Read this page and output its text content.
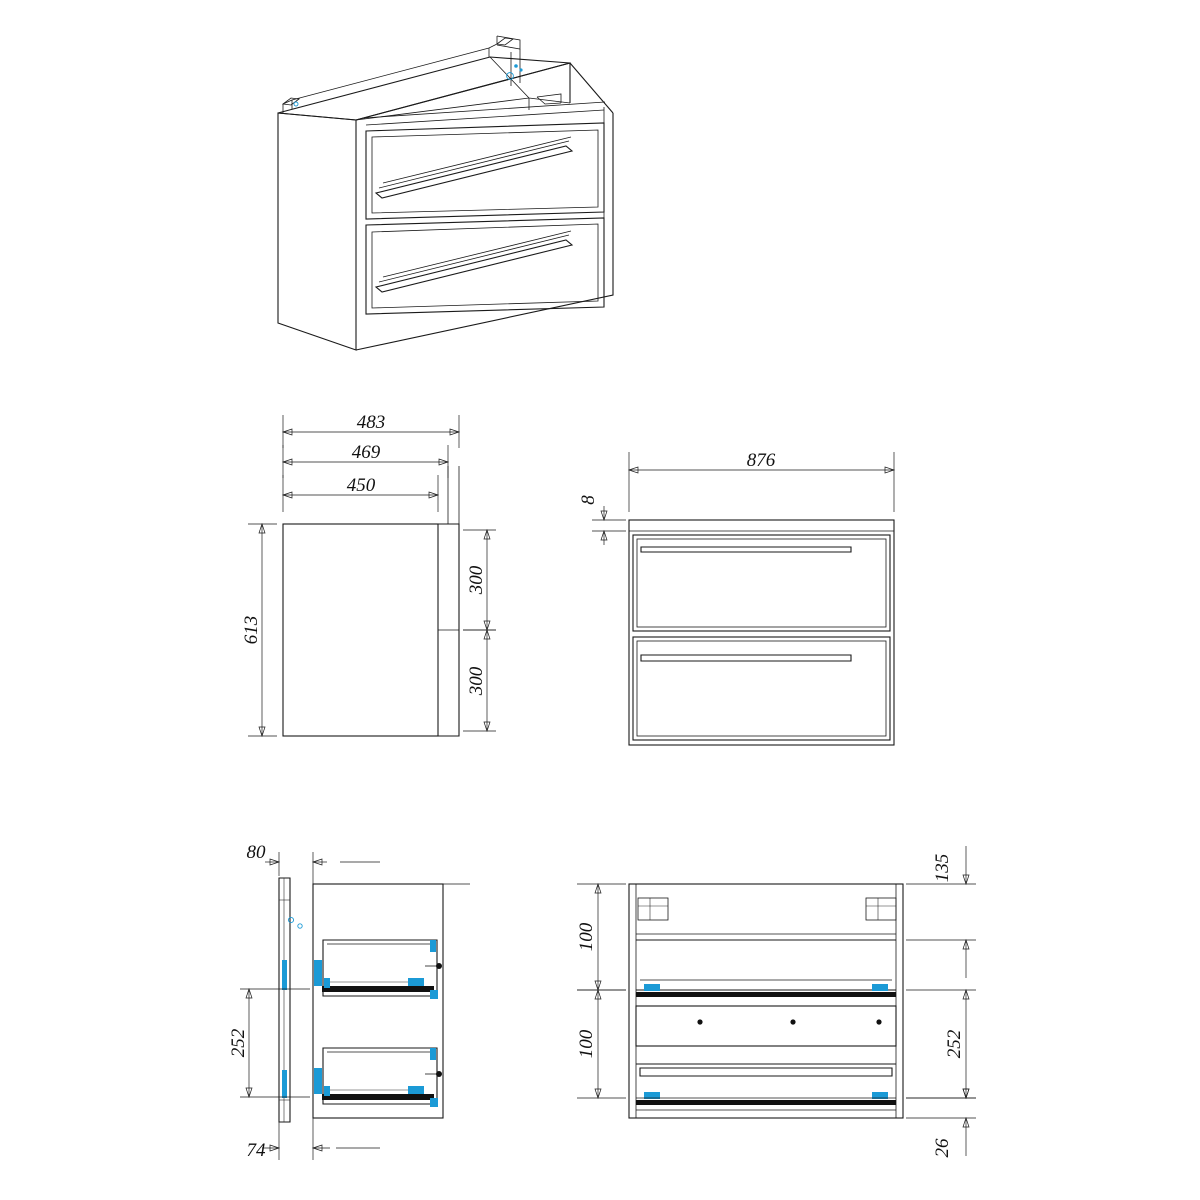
483
469
450
613
300
300
876
8
80
252
74
135
100
100	252
26
